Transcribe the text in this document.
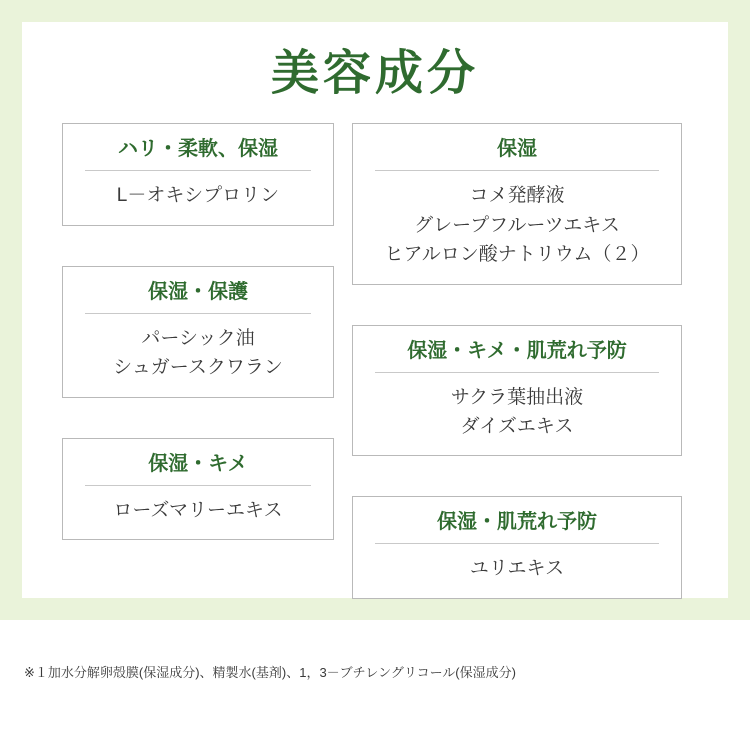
美容成分
ハリ・柔軟、保湿
L－オキシプロリン
保湿・保護
パーシック油
シュガースクワラン
保湿・キメ
ローズマリーエキス
保湿
コメ発酵液
グレープフルーツエキス
ヒアルロン酸ナトリウム（２）
保湿・キメ・肌荒れ予防
サクラ葉抽出液
ダイズエキス
保湿・肌荒れ予防
ユリエキス
※１加水分解卵殻膜(保湿成分)、精製水(基剤)、1，3－ブチレングリコール(保湿成分)
